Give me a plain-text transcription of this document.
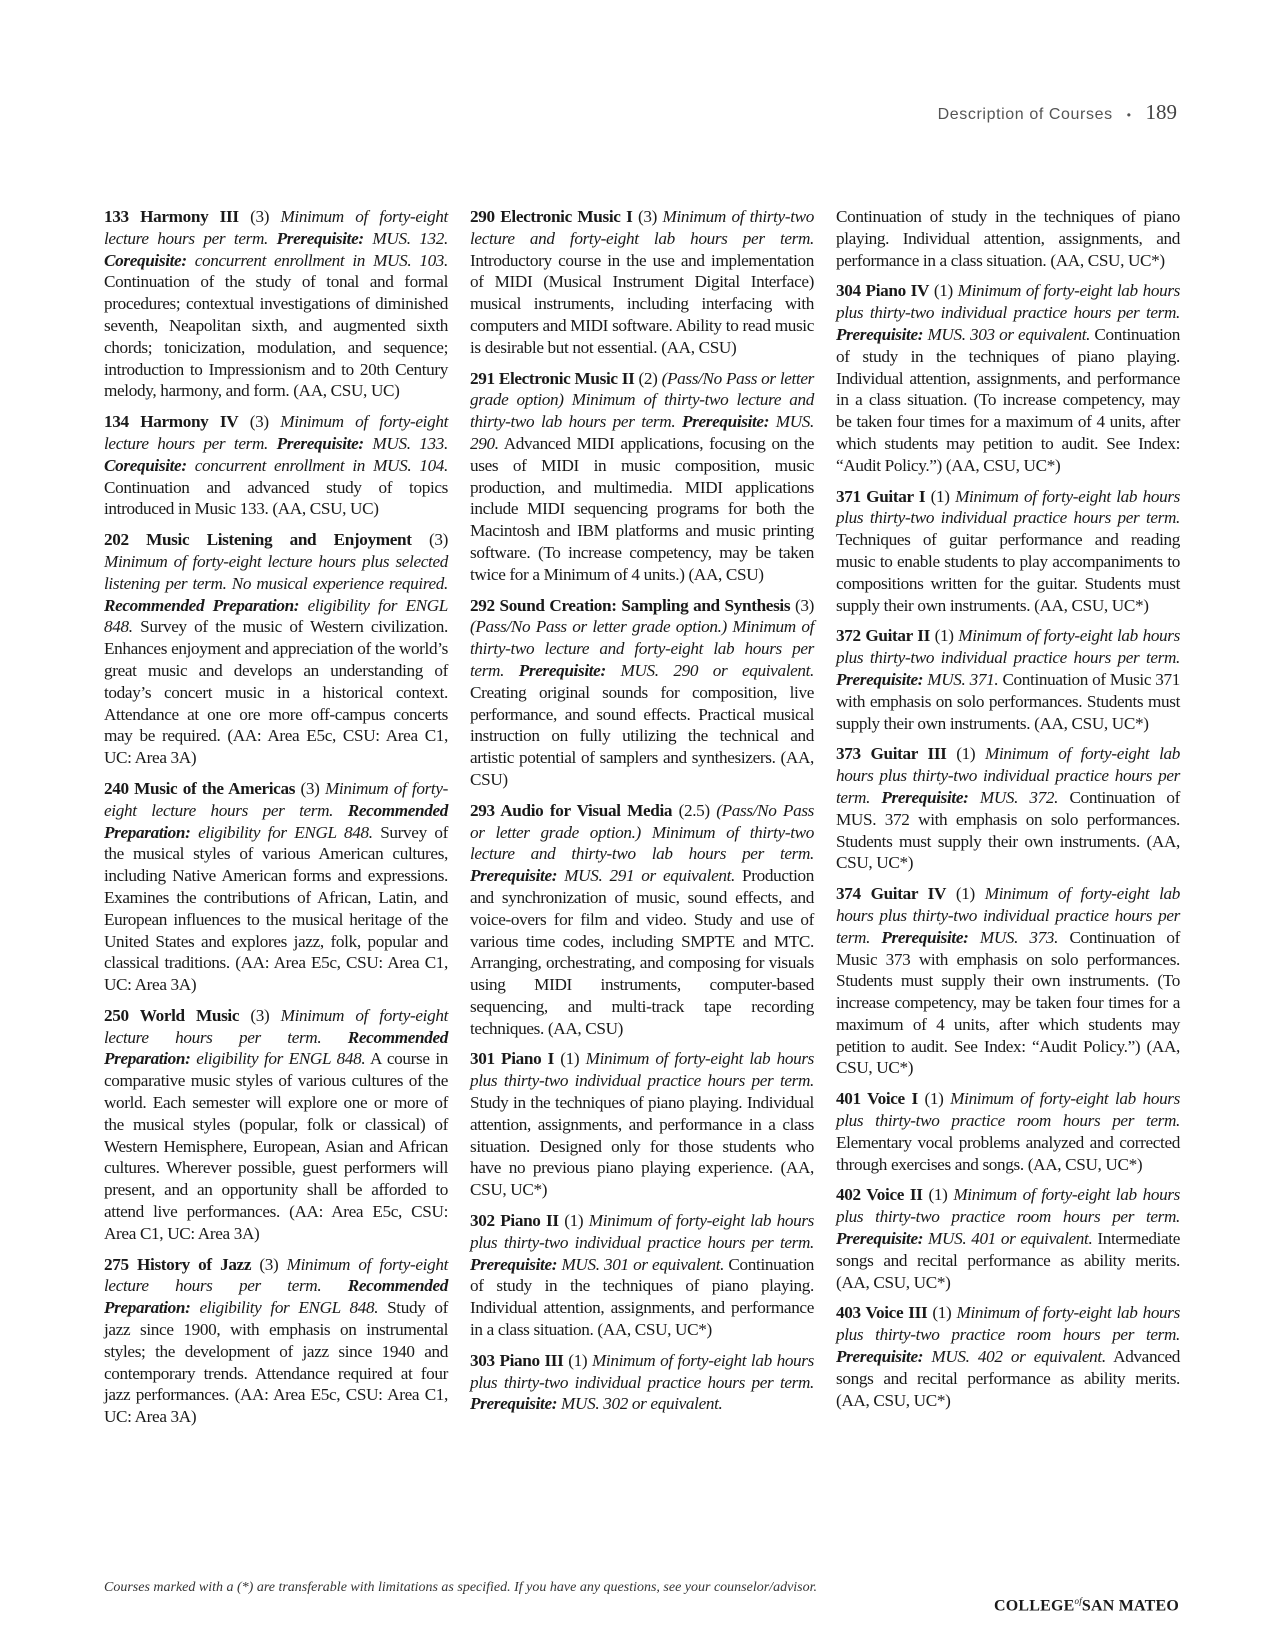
Description of Courses • 189

133 Harmony III (3) Minimum of forty-eight lecture hours per term. Prerequisite: MUS. 132. Corequisite: concurrent enrollment in MUS. 103. Continuation of the study of tonal and formal procedures; contextual investigations of diminished seventh, Neapolitan sixth, and augmented sixth chords; tonicization, modulation, and sequence; introduction to Impressionism and to 20th Century melody, harmony, and form. (AA, CSU, UC)

134 Harmony IV (3) Minimum of forty-eight lecture hours per term. Prerequisite: MUS. 133. Corequisite: concurrent enrollment in MUS. 104. Continuation and advanced study of topics introduced in Music 133. (AA, CSU, UC)

202 Music Listening and Enjoyment (3) Minimum of forty-eight lecture hours plus selected listening per term. No musical experience required. Recommended Preparation: eligibility for ENGL 848. Survey of the music of Western civilization. Enhances enjoyment and appreciation of the world’s great music and develops an understanding of today’s concert music in a historical context. Attendance at one ore more off-campus concerts may be required. (AA: Area E5c, CSU: Area C1, UC: Area 3A)

240 Music of the Americas (3) Minimum of forty-eight lecture hours per term. Recommended Preparation: eligibility for ENGL 848. Survey of the musical styles of various American cultures, including Native American forms and expressions. Examines the contributions of African, Latin, and European influences to the musical heritage of the United States and explores jazz, folk, popular and classical traditions. (AA: Area E5c, CSU: Area C1, UC: Area 3A)

250 World Music (3) Minimum of forty-eight lecture hours per term. Recommended Preparation: eligibility for ENGL 848. A course in comparative music styles of various cultures of the world. Each semester will explore one or more of the musical styles (popular, folk or classical) of Western Hemisphere, European, Asian and African cultures. Wherever possible, guest performers will present, and an opportunity shall be afforded to attend live performances. (AA: Area E5c, CSU: Area C1, UC: Area 3A)

275 History of Jazz (3) Minimum of forty-eight lecture hours per term. Recommended Preparation: eligibility for ENGL 848. Study of jazz since 1900, with emphasis on instrumental styles; the development of jazz since 1940 and contemporary trends. Attendance required at four jazz performances. (AA: Area E5c, CSU: Area C1, UC: Area 3A)

290 Electronic Music I (3) Minimum of thirty-two lecture and forty-eight lab hours per term. Introductory course in the use and implementation of MIDI (Musical Instrument Digital Interface) musical instruments, including interfacing with computers and MIDI software. Ability to read music is desirable but not essential. (AA, CSU)

291 Electronic Music II (2) (Pass/No Pass or letter grade option) Minimum of thirty-two lecture and thirty-two lab hours per term. Prerequisite: MUS. 290. Advanced MIDI applications, focusing on the uses of MIDI in music composition, music production, and multimedia. MIDI applications include MIDI sequencing programs for both the Macintosh and IBM platforms and music printing software. (To increase competency, may be taken twice for a Minimum of 4 units.) (AA, CSU)

292 Sound Creation: Sampling and Synthesis (3) (Pass/No Pass or letter grade option.) Minimum of thirty-two lecture and forty-eight lab hours per term. Prerequisite: MUS. 290 or equivalent. Creating original sounds for composition, live performance, and sound effects. Practical musical instruction on fully utilizing the technical and artistic potential of samplers and synthesizers. (AA, CSU)

293 Audio for Visual Media (2.5) (Pass/No Pass or letter grade option.) Minimum of thirty-two lecture and thirty-two lab hours per term. Prerequisite: MUS. 291 or equivalent. Production and synchronization of music, sound effects, and voice-overs for film and video. Study and use of various time codes, including SMPTE and MTC. Arranging, orchestrating, and composing for visuals using MIDI instruments, computer-based sequencing, and multi-track tape recording techniques. (AA, CSU)

301 Piano I (1) Minimum of forty-eight lab hours plus thirty-two individual practice hours per term. Study in the techniques of piano playing. Individual attention, assignments, and performance in a class situation. Designed only for those students who have no previous piano playing experience. (AA, CSU, UC*)

302 Piano II (1) Minimum of forty-eight lab hours plus thirty-two individual practice hours per term. Prerequisite: MUS. 301 or equivalent. Continuation of study in the techniques of piano playing. Individual attention, assignments, and performance in a class situation. (AA, CSU, UC*)

303 Piano III (1) Minimum of forty-eight lab hours plus thirty-two individual practice hours per term. Prerequisite: MUS. 302 or equivalent.

Continuation of study in the techniques of piano playing. Individual attention, assignments, and performance in a class situation. (AA, CSU, UC*)

304 Piano IV (1) Minimum of forty-eight lab hours plus thirty-two individual practice hours per term. Prerequisite: MUS. 303 or equivalent. Continuation of study in the techniques of piano playing. Individual attention, assignments, and performance in a class situation. (To increase competency, may be taken four times for a maximum of 4 units, after which students may petition to audit. See Index: “Audit Policy.”) (AA, CSU, UC*)

371 Guitar I (1) Minimum of forty-eight lab hours plus thirty-two individual practice hours per term. Techniques of guitar performance and reading music to enable students to play accompaniments to compositions written for the guitar. Students must supply their own instruments. (AA, CSU, UC*)

372 Guitar II (1) Minimum of forty-eight lab hours plus thirty-two individual practice hours per term. Prerequisite: MUS. 371. Continuation of Music 371 with emphasis on solo performances. Students must supply their own instruments. (AA, CSU, UC*)

373 Guitar III (1) Minimum of forty-eight lab hours plus thirty-two individual practice hours per term. Prerequisite: MUS. 372. Continuation of MUS. 372 with emphasis on solo performances. Students must supply their own instruments. (AA, CSU, UC*)

374 Guitar IV (1) Minimum of forty-eight lab hours plus thirty-two individual practice hours per term. Prerequisite: MUS. 373. Continuation of Music 373 with emphasis on solo performances. Students must supply their own instruments. (To increase competency, may be taken four times for a maximum of 4 units, after which students may petition to audit. See Index: “Audit Policy.”) (AA, CSU, UC*)

401 Voice I (1) Minimum of forty-eight lab hours plus thirty-two practice room hours per term. Elementary vocal problems analyzed and corrected through exercises and songs. (AA, CSU, UC*)

402 Voice II (1) Minimum of forty-eight lab hours plus thirty-two practice room hours per term. Prerequisite: MUS. 401 or equivalent. Intermediate songs and recital performance as ability merits. (AA, CSU, UC*)

403 Voice III (1) Minimum of forty-eight lab hours plus thirty-two practice room hours per term. Prerequisite: MUS. 402 or equivalent. Advanced songs and recital performance as ability merits. (AA, CSU, UC*)

Courses marked with a (*) are transferable with limitations as specified. If you have any questions, see your counselor/advisor.
$COLLEGE^{of}SAN$ MATEO
